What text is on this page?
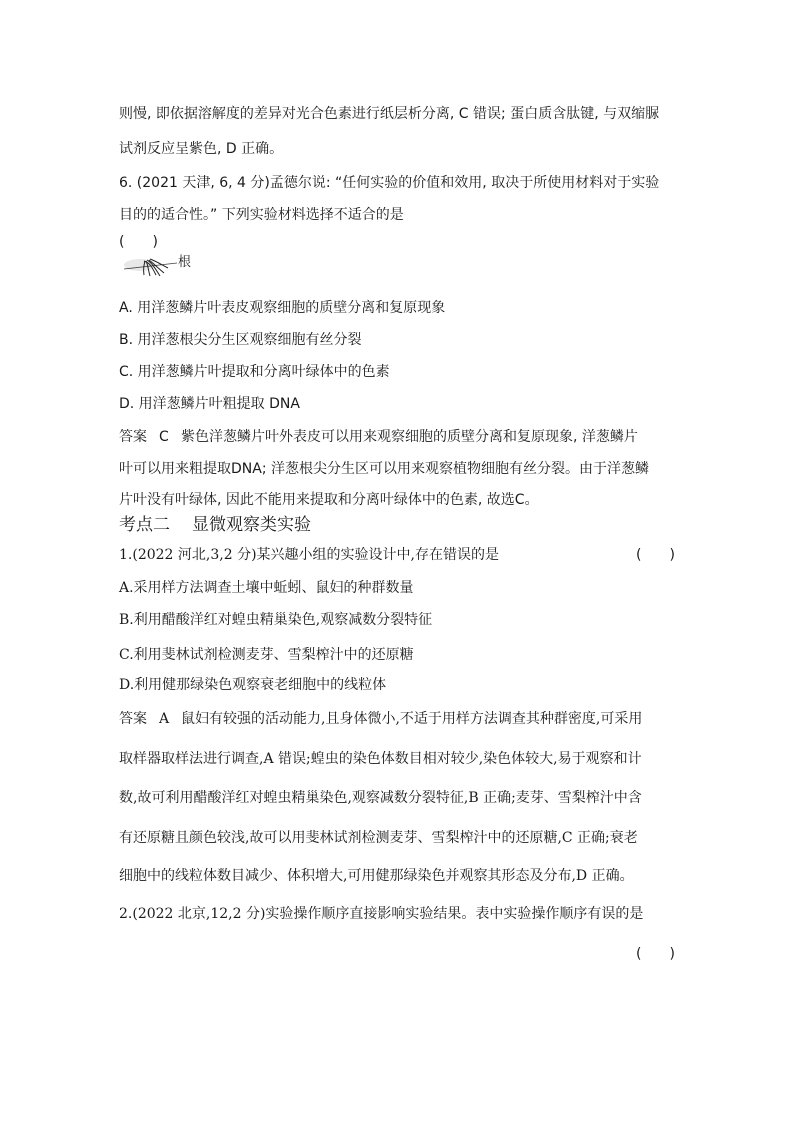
则慢, 即依据溶解度的差异对光合色素进行纸层析分离, C 错误; 蛋白质含肽键, 与双缩脲
试剂反应呈紫色, D 正确。
6. (2021 天津, 6, 4 分)孟德尔说: “任何实验的价值和效用, 取决于所使用材料对于实验
目的的适合性。” 下列实验材料选择不适合的是
(　　)
根
A. 用洋葱鳞片叶表皮观察细胞的质壁分离和复原现象
B. 用洋葱根尖分生区观察细胞有丝分裂
C. 用洋葱鳞片叶提取和分离叶绿体中的色素
D. 用洋葱鳞片叶粗提取 DNA
答案 C 紫色洋葱鳞片叶外表皮可以用来观察细胞的质壁分离和复原现象, 洋葱鳞片
叶可以用来粗提取DNA; 洋葱根尖分生区可以用来观察植物细胞有丝分裂。由于洋葱鳞
片叶没有叶绿体, 因此不能用来提取和分离叶绿体中的色素, 故选C。
考点二 显微观察类实验
1.(2022 河北,3,2 分)某兴趣小组的实验设计中,存在错误的是	(　　)
A.采用样方法调查土壤中蚯蚓、鼠妇的种群数量
B.利用醋酸洋红对蝗虫精巢染色,观察减数分裂特征
C.利用斐林试剂检测麦芽、雪梨榨汁中的还原糖
D.利用健那绿染色观察衰老细胞中的线粒体
答案 A 鼠妇有较强的活动能力,且身体微小,不适于用样方法调查其种群密度,可采用
取样器取样法进行调查,A 错误;蝗虫的染色体数目相对较少,染色体较大,易于观察和计
数,故可利用醋酸洋红对蝗虫精巢染色,观察减数分裂特征,B 正确;麦芽、雪梨榨汁中含
有还原糖且颜色较浅,故可以用斐林试剂检测麦芽、雪梨榨汁中的还原糖,C 正确;衰老
细胞中的线粒体数目减少、体积增大,可用健那绿染色并观察其形态及分布,D 正确。
2.(2022 北京,12,2 分)实验操作顺序直接影响实验结果。表中实验操作顺序有误的是
(　　)
